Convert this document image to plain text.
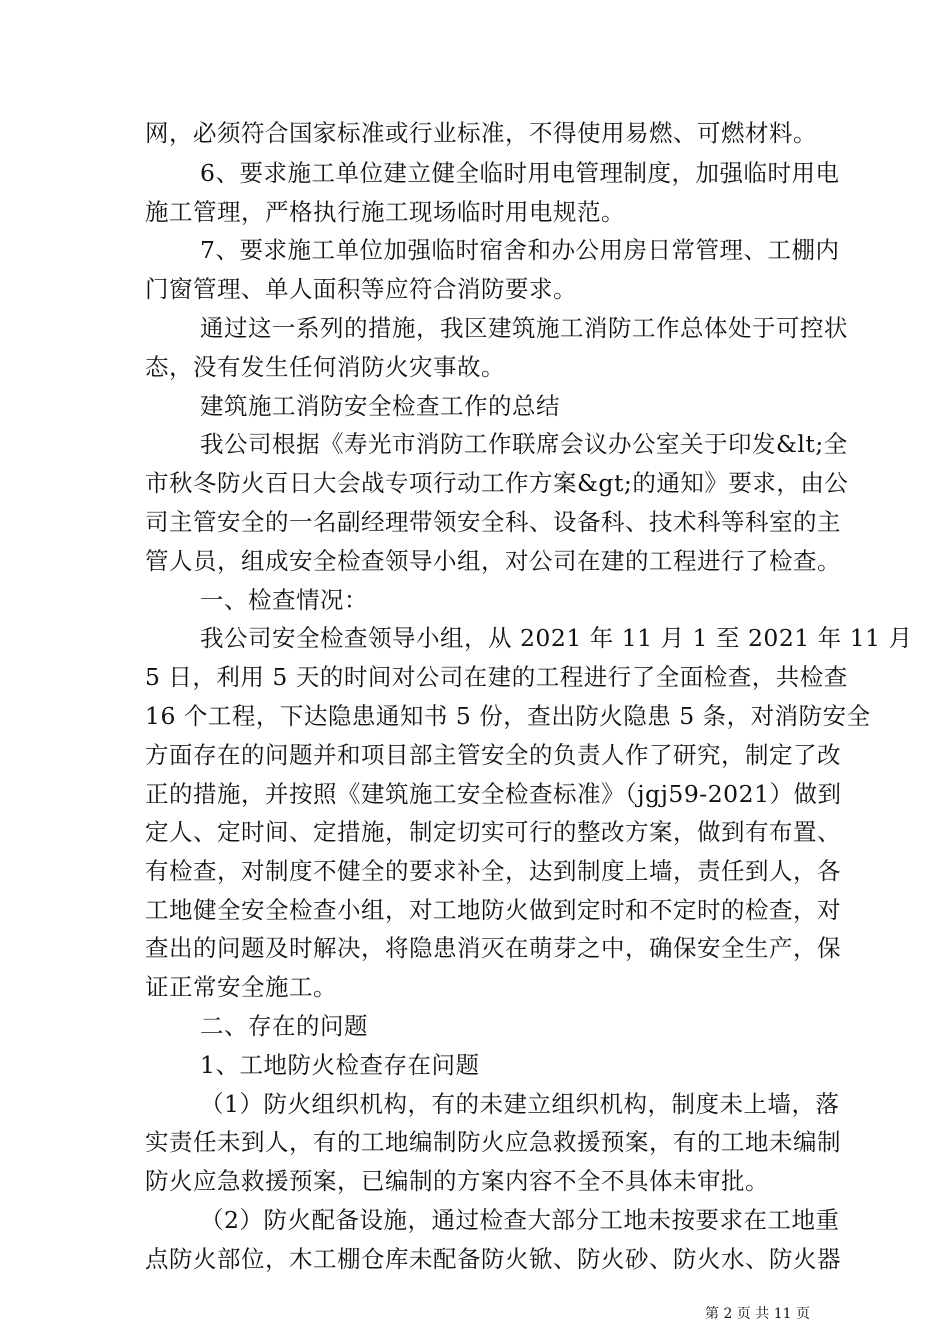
网，必须符合国家标准或行业标准，不得使用易燃、可燃材料。
6、要求施工单位建立健全临时用电管理制度，加强临时用电
施工管理，严格执行施工现场临时用电规范。
7、要求施工单位加强临时宿舍和办公用房日常管理、工棚内
门窗管理、单人面积等应符合消防要求。
通过这一系列的措施，我区建筑施工消防工作总体处于可控状
态，没有发生任何消防火灾事故。
建筑施工消防安全检查工作的总结
我公司根据《寿光市消防工作联席会议办公室关于印发&lt;全
市秋冬防火百日大会战专项行动工作方案&gt;的通知》要求，由公
司主管安全的一名副经理带领安全科、设备科、技术科等科室的主
管人员，组成安全检查领导小组，对公司在建的工程进行了检查。
一、检查情况：
我公司安全检查领导小组，从 2021 年 11 月 1 至 2021 年 11 月
5 日，利用 5 天的时间对公司在建的工程进行了全面检查，共检查
16 个工程，下达隐患通知书 5 份，查出防火隐患 5 条，对消防安全
方面存在的问题并和项目部主管安全的负责人作了研究，制定了改
正的措施，并按照《建筑施工安全检查标准》（jgj59-2021）做到
定人、定时间、定措施，制定切实可行的整改方案，做到有布置、
有检查，对制度不健全的要求补全，达到制度上墙，责任到人，各
工地健全安全检查小组，对工地防火做到定时和不定时的检查，对
查出的问题及时解决，将隐患消灭在萌芽之中，确保安全生产，保
证正常安全施工。
二、存在的问题
1、工地防火检查存在问题
（1）防火组织机构，有的未建立组织机构，制度未上墙，落
实责任未到人，有的工地编制防火应急救援预案，有的工地未编制
防火应急救援预案，已编制的方案内容不全不具体未审批。
（2）防火配备设施，通过检查大部分工地未按要求在工地重
点防火部位，木工棚仓库未配备防火锨、防火砂、防火水、防火器
第 2 页 共 11 页
